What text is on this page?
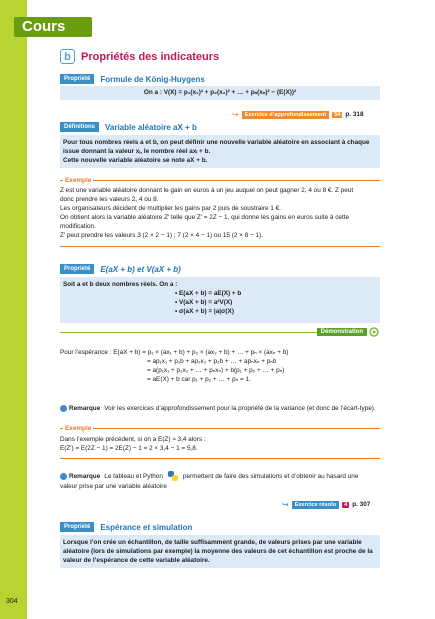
Cours
304
b Propriétés des indicateurs
Propriété	Formule de König-Huygens
On a : V(X) = p₁(x₁)² + p₂(x₂)² + … + pₙ(xₙ)² − (E(X))²
↪	Exercice d’approfondissement	54 p. 318
Définitions	Variable aléatoire aX + b
Pour tous nombres réels a et b, on peut définir une nouvelle variable aléatoire en associant à chaque
issue donnant la valeur xᵢ, le nombre réel axᵢ + b.
Cette nouvelle variable aléatoire se note aX + b.
Exemple
Z est une variable aléatoire donnant le gain en euros à un jeu auquel on peut gagner 2, 4 ou 8 €. Z peut
donc prendre les valeurs 2, 4 ou 8.
Les organisateurs décident de multiplier les gains par 2 puis de soustraire 1 €.
On obtient alors la variable aléatoire Z′ telle que Z′ = 2Z − 1, qui donne les gains en euros suite à cette
modification.
Z′ peut prendre les valeurs 3 (2 × 2 − 1) ; 7 (2 × 4 − 1) ou 15 (2 × 8 − 1).
Propriété	E(aX + b) et V(aX + b)
Soit a et b deux nombres réels. On a :
• E(aX + b) = aE(X) + b
• V(aX + b) = a²V(X)
• σ(aX + b) = |a|σ(X)
Démonstration
Pour l’espérance : E(aX + b) = p₁ × (ax₁ + b) + p₂ × (ax₂ + b) + … + pₙ × (axₙ + b)
= ap₁x₁ + p₁b + ap₂x₂ + p₂b + … + apₙxₙ + pₙb
= a(p₁x₁ + p₂x₂ + … + pₙxₙ) + b(p₁ + p₂ + … + pₙ)
= aE(X) + b car p₁ + p₂ + … + pₙ = 1.
Remarque Voir les exercices d’approfondissement pour la propriété de la variance (et donc de l’écart-type).
Exemple
Dans l’exemple précédent, si on a E(Z) ≈ 3,4 alors :
E(Z′) = E(2Z − 1) = 2E(Z) − 1 = 2 × 3,4 − 1 = 5,8.
Remarque Le tableau et Python	permettent de faire des simulations et d’obtenir au hasard une
valeur prise par une variable aléatoire
↪	Exercice résolu	4 p. 307
Propriété	Espérance et simulation
Lorsque l’on crée un échantillon, de taille suffisamment grande, de valeurs prises par une variable
aléatoire (lors de simulations par exemple) la moyenne des valeurs de cet échantillon est proche de la
valeur de l’espérance de cette variable aléatoire.
